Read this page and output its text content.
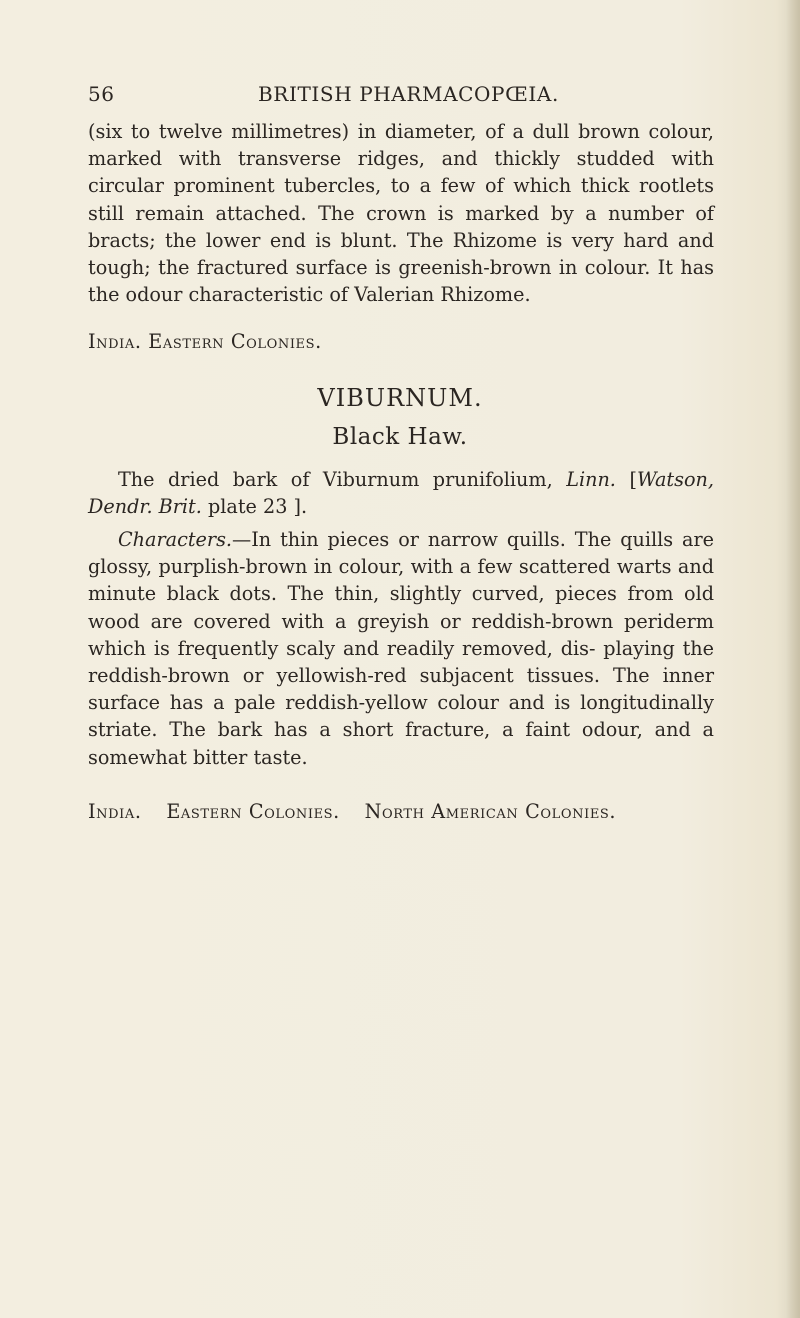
56	BRITISH PHARMACOPŒIA.

(six to twelve millimetres) in diameter, of a dull brown colour, marked with transverse ridges, and thickly studded with circular prominent tubercles, to a few of which thick rootlets still remain attached. The crown is marked by a number of bracts; the lower end is blunt. The Rhizome is very hard and tough; the fractured surface is greenish-brown in colour. It has the odour characteristic of Valerian Rhizome.

India. Eastern Colonies.
VIBURNUM.
Black Haw.

The dried bark of Viburnum prunifolium, Linn. [Watson, Dendr. Brit. plate 23 ].

Characters.—In thin pieces or narrow quills. The quills are glossy, purplish-brown in colour, with a few scattered warts and minute black dots. The thin, slightly curved, pieces from old wood are covered with a greyish or reddish-brown periderm which is frequently scaly and readily removed, dis- playing the reddish-brown or yellowish-red subjacent tissues. The inner surface has a pale reddish-yellow colour and is longitudinally striate. The bark has a short fracture, a faint odour, and a somewhat bitter taste.

India. Eastern Colonies. North American Colonies.
